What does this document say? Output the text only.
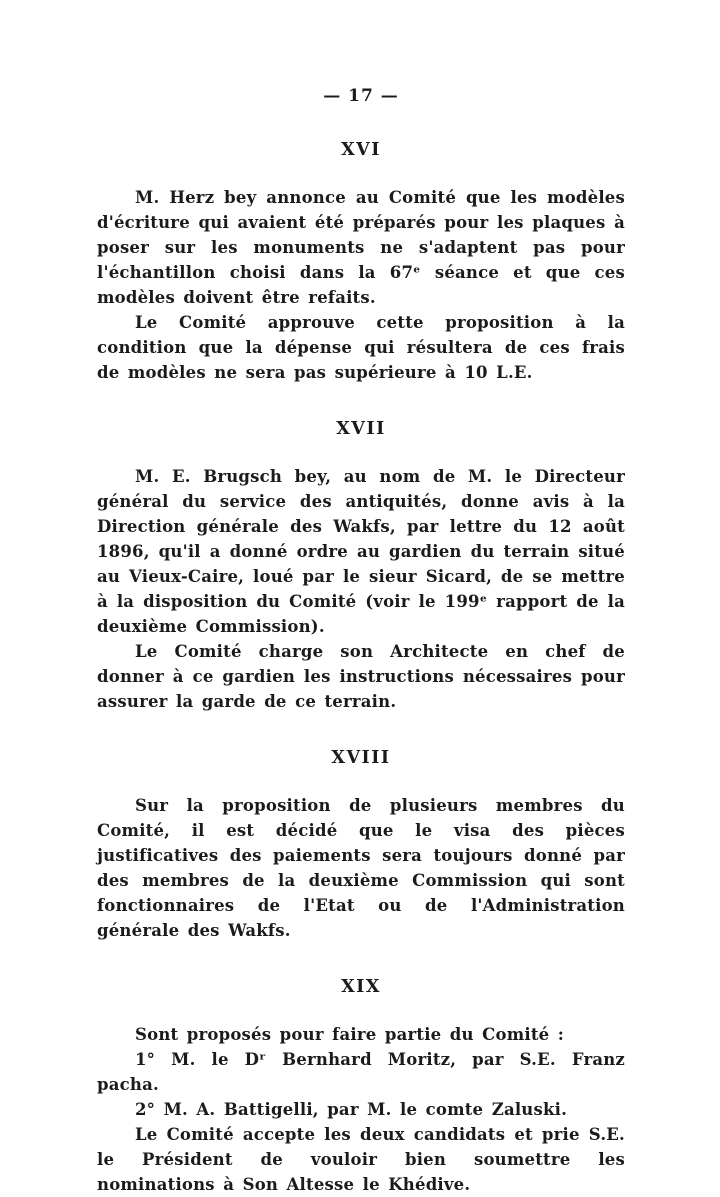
— 17 —
XVI

M. Herz bey annonce au Comité que les modèles d'écriture qui avaient été préparés pour les plaques à poser sur les monuments ne s'adaptent pas pour l'échantillon choisi dans la 67ᵉ séance et que ces modèles doivent être refaits.

Le Comité approuve cette proposition à la condition que la dépense qui résultera de ces frais de modèles ne sera pas supérieure à 10 L.E.

XVII

M. E. Brugsch bey, au nom de M. le Directeur général du service des antiquités, donne avis à la Direction générale des Wakfs, par lettre du 12 août 1896, qu'il a donné ordre au gardien du terrain situé au Vieux-Caire, loué par le sieur Sicard, de se mettre à la disposition du Comité (voir le 199ᵉ rapport de la deuxième Commission).

Le Comité charge son Architecte en chef de donner à ce gardien les instructions nécessaires pour assurer la garde de ce terrain.

XVIII

Sur la proposition de plusieurs membres du Comité, il est décidé que le visa des pièces justificatives des paiements sera toujours donné par des membres de la deuxième Commission qui sont fonctionnaires de l'Etat ou de l'Administration générale des Wakfs.

XIX

Sont proposés pour faire partie du Comité :

1° M. le Dʳ Bernhard Moritz, par S.E. Franz pacha.

2° M. A. Battigelli, par M. le comte Zaluski.

Le Comité accepte les deux candidats et prie S.E. le Président de vouloir bien soumettre les nominations à Son Altesse le Khédive.
